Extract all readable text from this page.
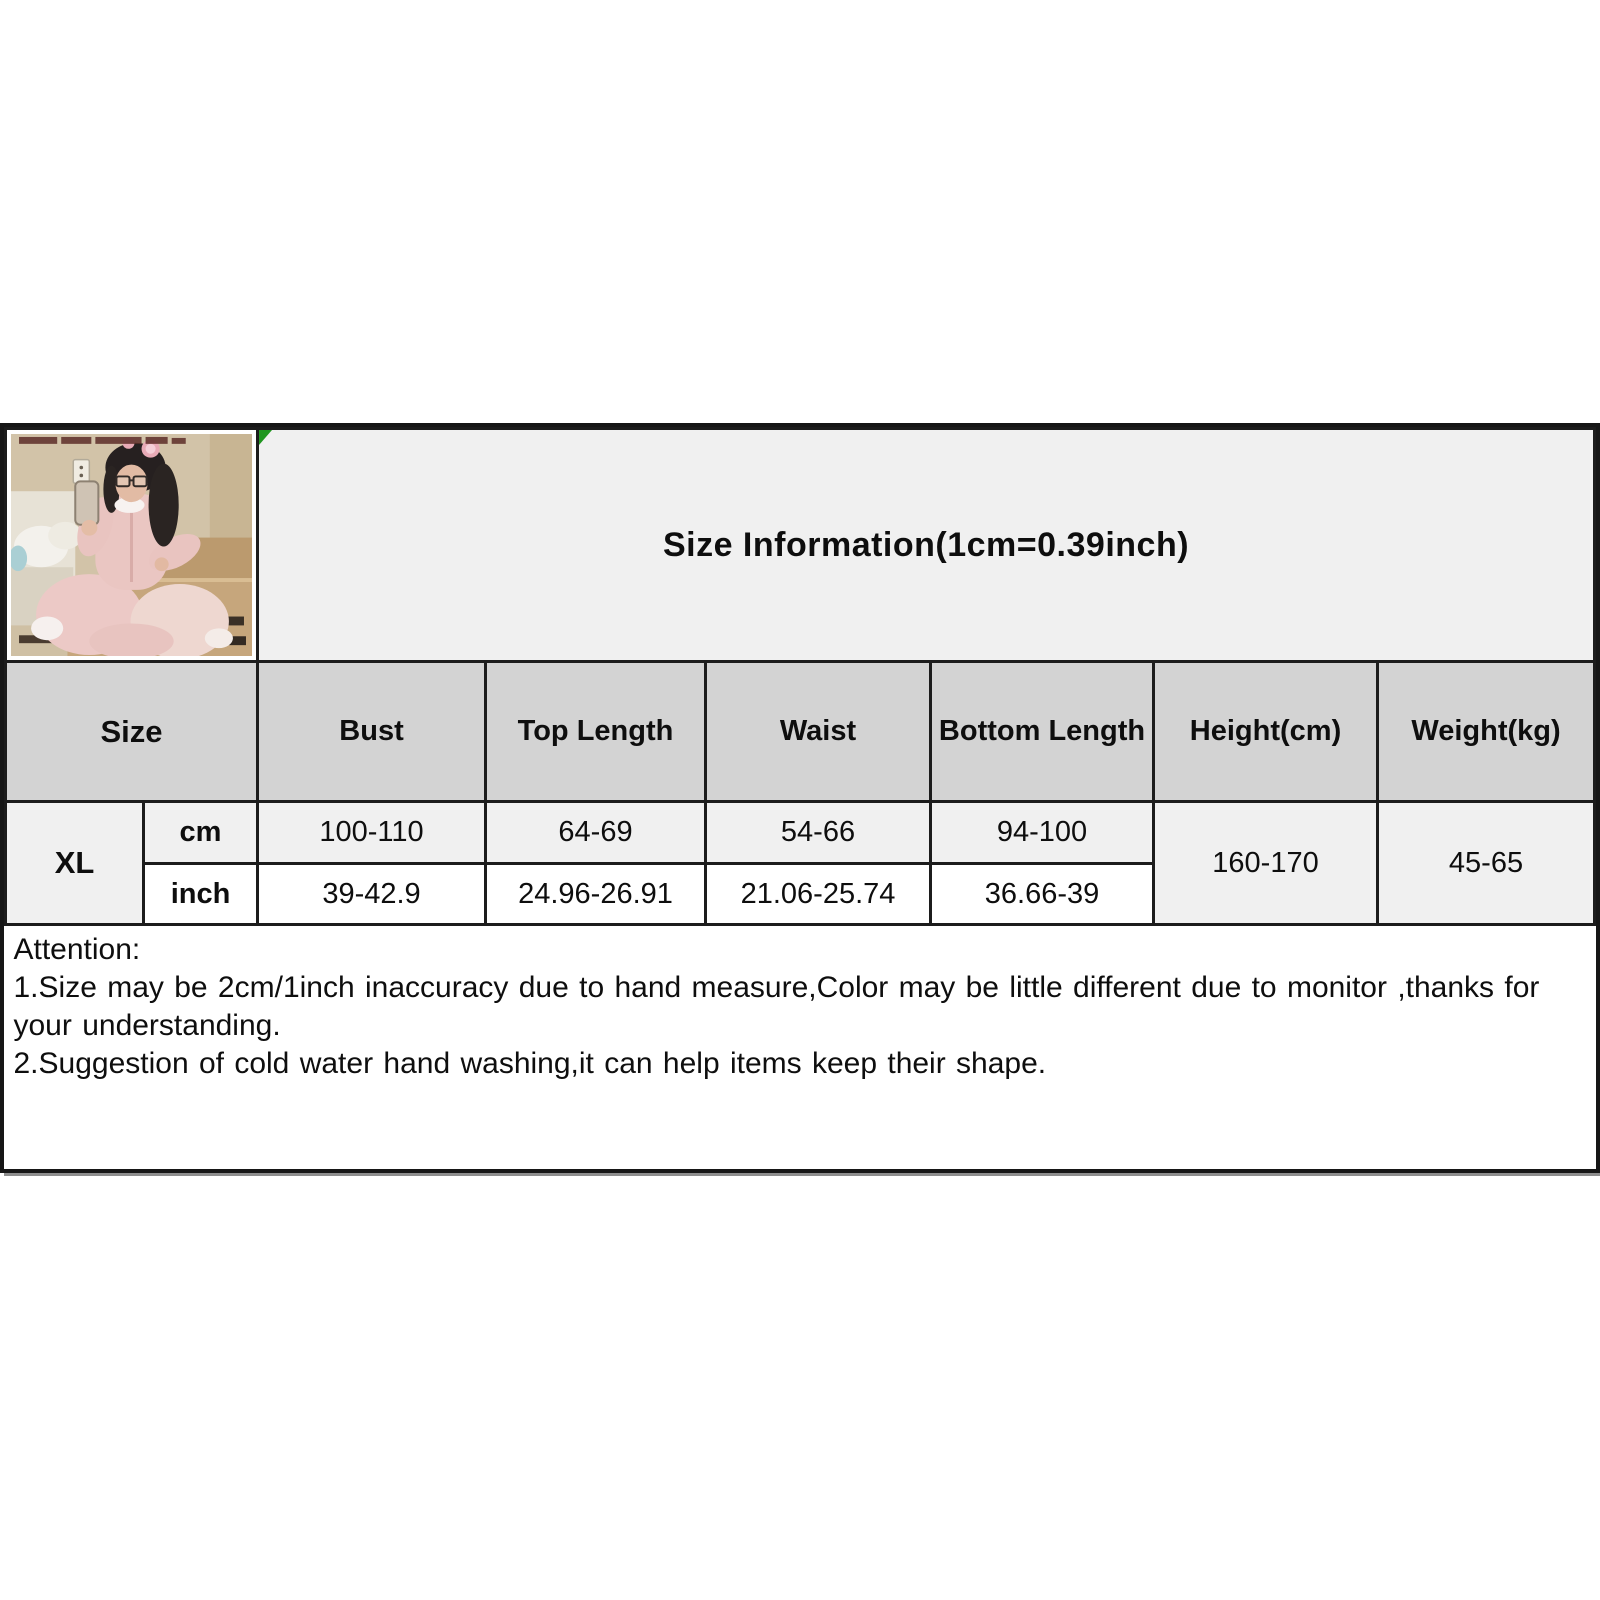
Size Information(1cm=0.39inch)					
Size		Bust	Top Length	Waist	Bottom Length	Height(cm)	Weight(kg)
XL	cm	100-110	64-69	54-66	94-100	160-170	45-65
	inch	39-42.9	24.96-26.91	21.06-25.74	36.66-39		

Attention:

1.Size may be 2cm/1inch inaccuracy due to hand measure,Color may be little different due to monitor ,thanks for your understanding.

2.Suggestion of cold water hand washing,it can help items keep their shape.							
